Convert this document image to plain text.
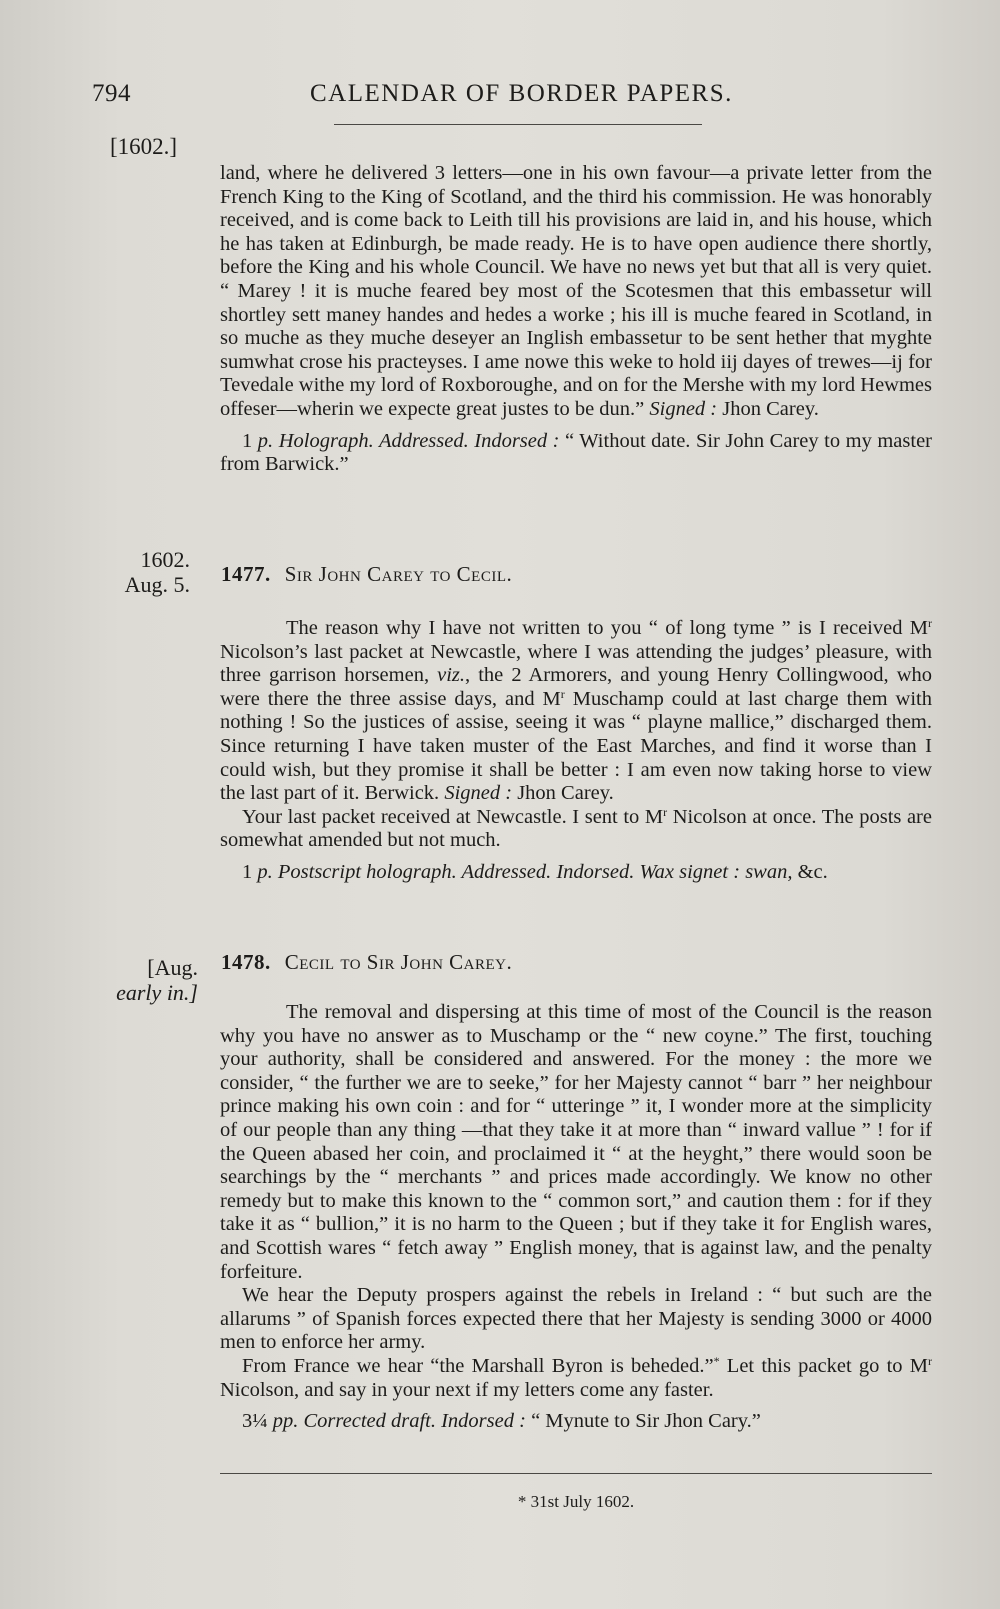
794	CALENDAR OF BORDER PAPERS.
[1602.]

land, where he delivered 3 letters—one in his own favour—a private letter from the French King to the King of Scotland, and the third his commission. He was honorably received, and is come back to Leith till his provisions are laid in, and his house, which he has taken at Edinburgh, be made ready. He is to have open audience there shortly, before the King and his whole Council. We have no news yet but that all is very quiet. “ Marey ! it is muche feared bey most of the Scotesmen that this embassetur will shortley sett maney handes and hedes a worke ; his ill is muche feared in Scotland, in so muche as they muche deseyer an Inglish embassetur to be sent hether that myghte sumwhat crose his practeyses. I ame nowe this weke to hold iij dayes of trewes—ij for Tevedale withe my lord of Roxboroughe, and on for the Mershe with my lord Hewmes offeser—wherin we expecte great justes to be dun.” Signed : Jhon Carey.

1 p. Holograph. Addressed. Indorsed : “ Without date. Sir John Carey to my master from Barwick.”

1602.
Aug. 5. 1477. Sir John Carey to Cecil.

The reason why I have not written to you “ of long tyme ” is I received $M^r$ Nicolson’s last packet at Newcastle, where I was attending the judges’ pleasure, with three garrison horsemen, viz., the 2 Armorers, and young Henry Collingwood, who were there the three assise days, and $M^r$ Muschamp could at last charge them with nothing ! So the justices of assise, seeing it was “ playne mallice,” discharged them. Since returning I have taken muster of the East Marches, and find it worse than I could wish, but they promise it shall be better : I am even now taking horse to view the last part of it. Berwick. Signed : Jhon Carey.

Your last packet received at Newcastle. I sent to $M^r$ Nicolson at once. The posts are somewhat amended but not much.

1 p. Postscript holograph. Addressed. Indorsed. Wax signet : swan, &c.

[Aug.
early in.]
1478. Cecil to Sir John Carey.

The removal and dispersing at this time of most of the Council is the reason why you have no answer as to Muschamp or the “ new coyne.” The first, touching your authority, shall be considered and answered. For the money : the more we consider, “ the further we are to seeke,” for her Majesty cannot “ barr ” her neighbour prince making his own coin : and for “ utteringe ” it, I wonder more at the simplicity of our people than any thing —that they take it at more than “ inward vallue ” ! for if the Queen abased her coin, and proclaimed it “ at the heyght,” there would soon be searchings by the “ merchants ” and prices made accordingly. We know no other remedy but to make this known to the “ common sort,” and caution them : for if they take it as “ bullion,” it is no harm to the Queen ; but if they take it for English wares, and Scottish wares “ fetch away ” English money, that is against law, and the penalty forfeiture.

We hear the Deputy prospers against the rebels in Ireland : “ but such are the allarums ” of Spanish forces expected there that her Majesty is sending 3000 or 4000 men to enforce her army.

From France we hear “the Marshall Byron is beheded.”* Let this packet go to $M^r$ Nicolson, and say in your next if my letters come any faster.

3¼ pp. Corrected draft. Indorsed : “ Mynute to Sir Jhon Cary.”

* 31st July 1602.
